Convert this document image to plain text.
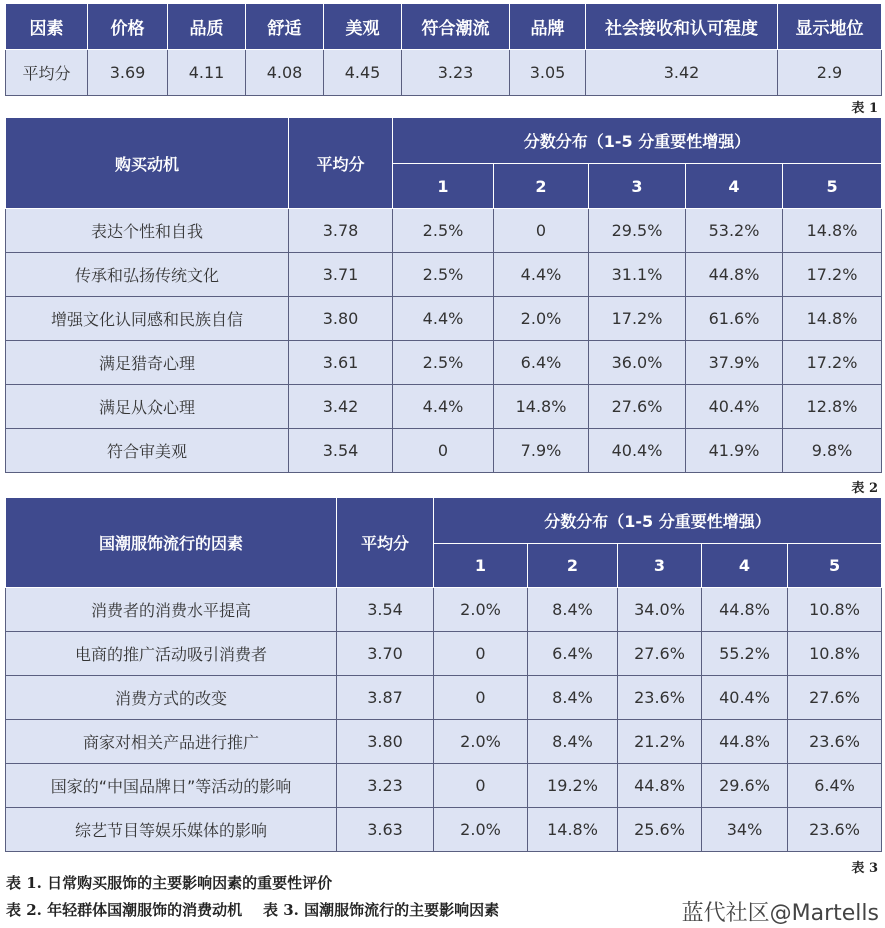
因素	价格	品质	舒适	美观	符合潮流	品牌	社会接收和认可程度	显示地位
平均分	3.69	4.11	4.08	4.45	3.23	3.05	3.42	2.9
表 1
购买动机	平均分	分数分布（1-5 分重要性增强）				
		1	2	3	4	5
表达个性和自我	3.78	2.5%	0	29.5%	53.2%	14.8%
传承和弘扬传统文化	3.71	2.5%	4.4%	31.1%	44.8%	17.2%
增强文化认同感和民族自信	3.80	4.4%	2.0%	17.2%	61.6%	14.8%
满足猎奇心理	3.61	2.5%	6.4%	36.0%	37.9%	17.2%
满足从众心理	3.42	4.4%	14.8%	27.6%	40.4%	12.8%
符合审美观	3.54	0	7.9%	40.4%	41.9%	9.8%
表 2
国潮服饰流行的因素	平均分	分数分布（1-5 分重要性增强）				
		1	2	3	4	5
消费者的消费水平提高	3.54	2.0%	8.4%	34.0%	44.8%	10.8%
电商的推广活动吸引消费者	3.70	0	6.4%	27.6%	55.2%	10.8%
消费方式的改变	3.87	0	8.4%	23.6%	40.4%	27.6%
商家对相关产品进行推广	3.80	2.0%	8.4%	21.2%	44.8%	23.6%
国家的“中国品牌日”等活动的影响	3.23	0	19.2%	44.8%	29.6%	6.4%
综艺节目等娱乐媒体的影响	3.63	2.0%	14.8%	25.6%	34%	23.6%
表 3
表 1. 日常购买服饰的主要影响因素的重要性评价
表 2. 年轻群体国潮服饰的消费动机    表 3. 国潮服饰流行的主要影响因素	蓝代社区@Martells
